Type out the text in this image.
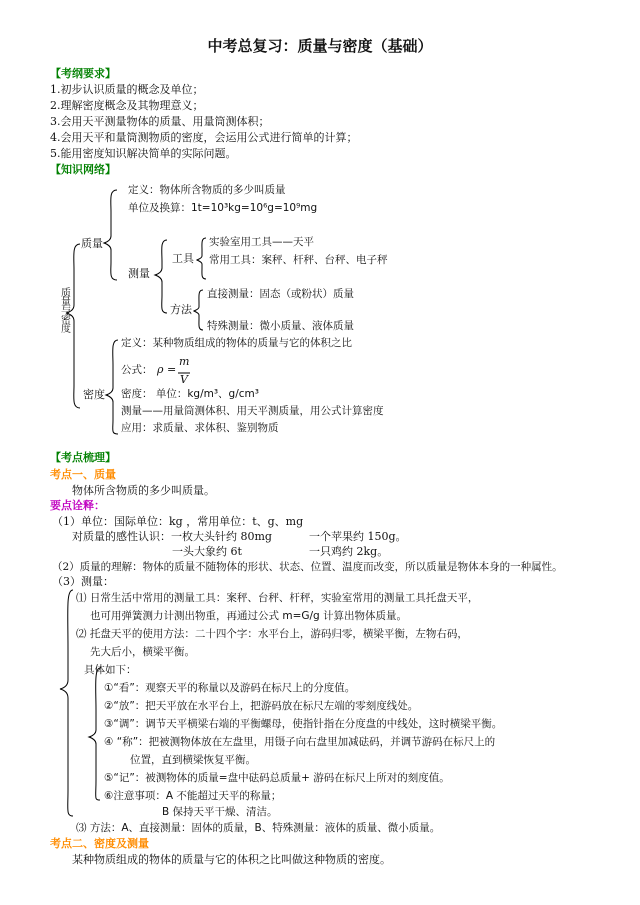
中考总复习：质量与密度（基础）
【考纲要求】
1.初步认识质量的概念及单位；
2.理解密度概念及其物理意义；
3.会用天平测量物体的质量、用量筒测体积；
4.会用天平和量筒测物质的密度，会运用公式进行简单的计算；
5.能用密度知识解决简单的实际问题。
【知识网络】
质量与密度
质量
定义：物体所含物质的多少叫质量
单位及换算：1t=10³kg=10⁶g=10⁹mg
测量
工具
实验室用工具——天平
常用工具：案秤、杆秤、台秤、电子秤
方法
直接测量：固态（或粉状）质量
特殊测量：微小质量、液体质量
密度
定义：某种物质组成的物体的质量与它的体积之比
公式： ρ =
m
V
密度： 单位：kg/m³、g/cm³
测量——用量筒测体积、用天平测质量，用公式计算密度
应用：求质量、求体积、鉴别物质
【考点梳理】
考点一、质量
物体所含物质的多少叫质量。
要点诠释：
（1）单位：国际单位：kg ，常用单位：t、g、mg
对质量的感性认识：一枚大头针约 80mg	一个苹果约 150g。
一头大象约 6t	一只鸡约 2kg。
（2）质量的理解：物体的质量不随物体的形状、状态、位置、温度而改变，所以质量是物体本身的一种属性。
（3）测量：
⑴ 日常生活中常用的测量工具：案秤、台秤、杆秤，实验室常用的测量工具托盘天平，
也可用弹簧测力计测出物重，再通过公式 m=G/g 计算出物体质量。
⑵ 托盘天平的使用方法：二十四个字：水平台上，游码归零，横梁平衡，左物右码，
先大后小，横梁平衡。
具体如下：
①“看”：观察天平的称量以及游码在标尺上的分度值。
②“放”：把天平放在水平台上，把游码放在标尺左端的零刻度线处。
③“调”：调节天平横梁右端的平衡螺母，使指针指在分度盘的中线处，这时横梁平衡。
④ “称”：把被测物体放在左盘里，用镊子向右盘里加减砝码，并调节游码在标尺上的
位置，直到横梁恢复平衡。
⑤“记”：被测物体的质量=盘中砝码总质量+ 游码在标尺上所对的刻度值。
⑥注意事项：A 不能超过天平的称量；
B 保持天平干燥、清洁。
⑶ 方法：A、直接测量：固体的质量，B、特殊测量：液体的质量、微小质量。
考点二、密度及测量
某种物质组成的物体的质量与它的体积之比叫做这种物质的密度。
